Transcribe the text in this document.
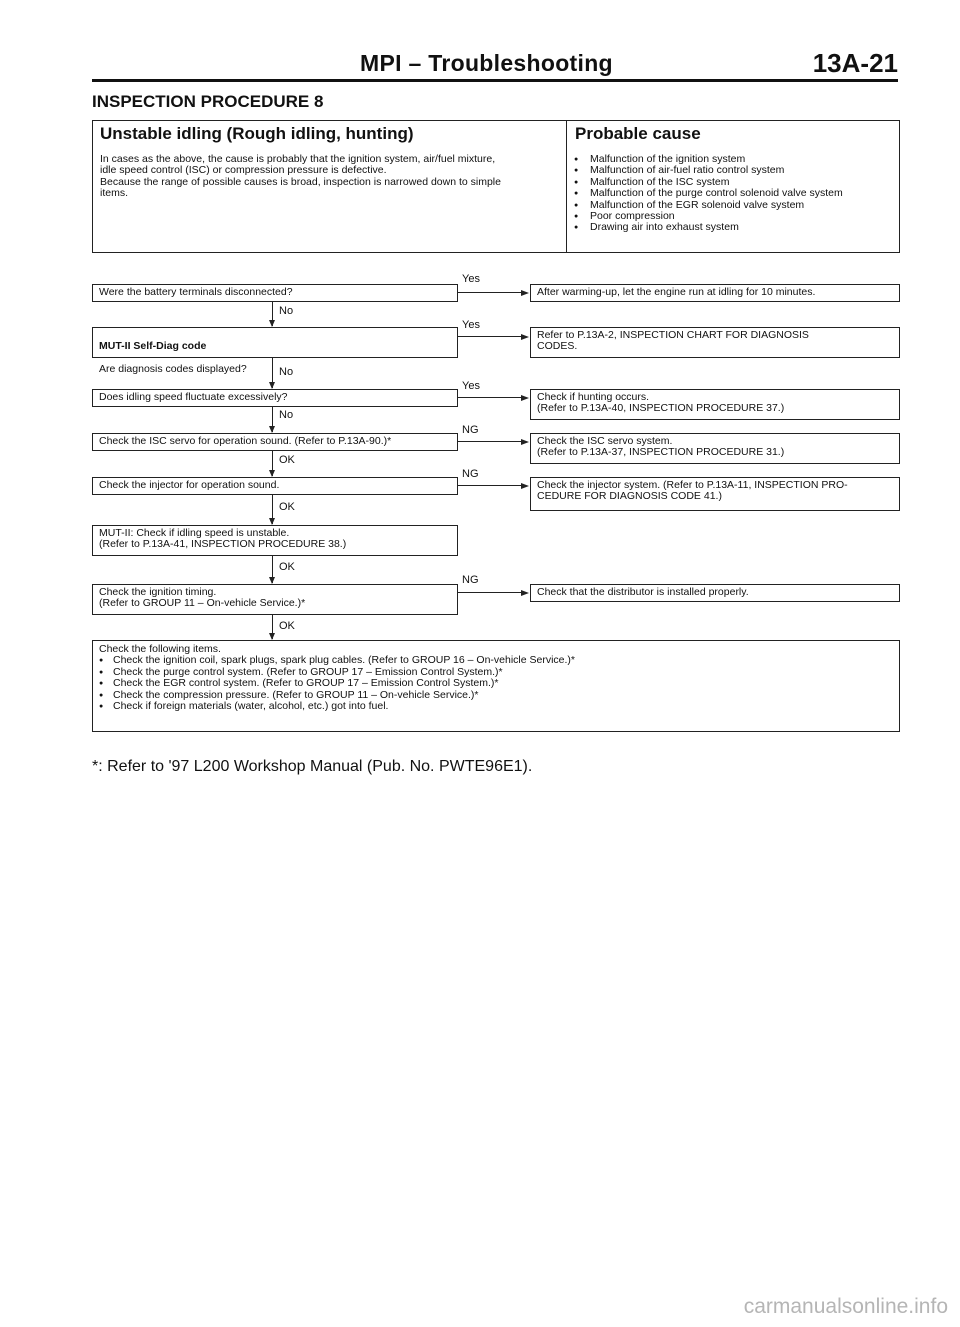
MPI – Troubleshooting	13A-21
INSPECTION PROCEDURE 8
Unstable idling (Rough idling, hunting)
In cases as the above, the cause is probably that the ignition system, air/fuel mixture,
idle speed control (ISC) or compression pressure is defective.
Because the range of possible causes is broad, inspection is narrowed down to simple
items.
Probable cause
● Malfunction of the ignition system
● Malfunction of air-fuel ratio control system
● Malfunction of the ISC system
● Malfunction of the purge control solenoid valve system
● Malfunction of the EGR solenoid valve system
● Poor compression
● Drawing air into exhaust system
Were the battery terminals disconnected?
Yes
After warming-up, let the engine run at idling for 10 minutes.
No

MUT-II Self-Diag code

Are diagnosis codes displayed?

Yes
Refer to P.13A-2, INSPECTION CHART FOR DIAGNOSIS
CODES.
No
Does idling speed fluctuate excessively?
Yes
Check if hunting occurs.
(Refer to P.13A-40, INSPECTION PROCEDURE 37.)
No
Check the ISC servo for operation sound. (Refer to P.13A-90.)*
NG
Check the ISC servo system.
(Refer to P.13A-37, INSPECTION PROCEDURE 31.)
OK
Check the injector for operation sound.
NG
Check the injector system. (Refer to P.13A-11, INSPECTION PRO-
CEDURE FOR DIAGNOSIS CODE 41.)
OK
MUT-II: Check if idling speed is unstable.
(Refer to P.13A-41, INSPECTION PROCEDURE 38.)
OK
Check the ignition timing.
(Refer to GROUP 11 – On-vehicle Service.)*
NG
Check that the distributor is installed properly.
OK
Check the following items.
● Check the ignition coil, spark plugs, spark plug cables. (Refer to GROUP 16 – On-vehicle Service.)*
● Check the purge control system. (Refer to GROUP 17 – Emission Control System.)*
● Check the EGR control system. (Refer to GROUP 17 – Emission Control System.)*
● Check the compression pressure. (Refer to GROUP 11 – On-vehicle Service.)*
● Check if foreign materials (water, alcohol, etc.) got into fuel.
*: Refer to '97 L200 Workshop Manual (Pub. No. PWTE96E1).
carmanualsonline.info
